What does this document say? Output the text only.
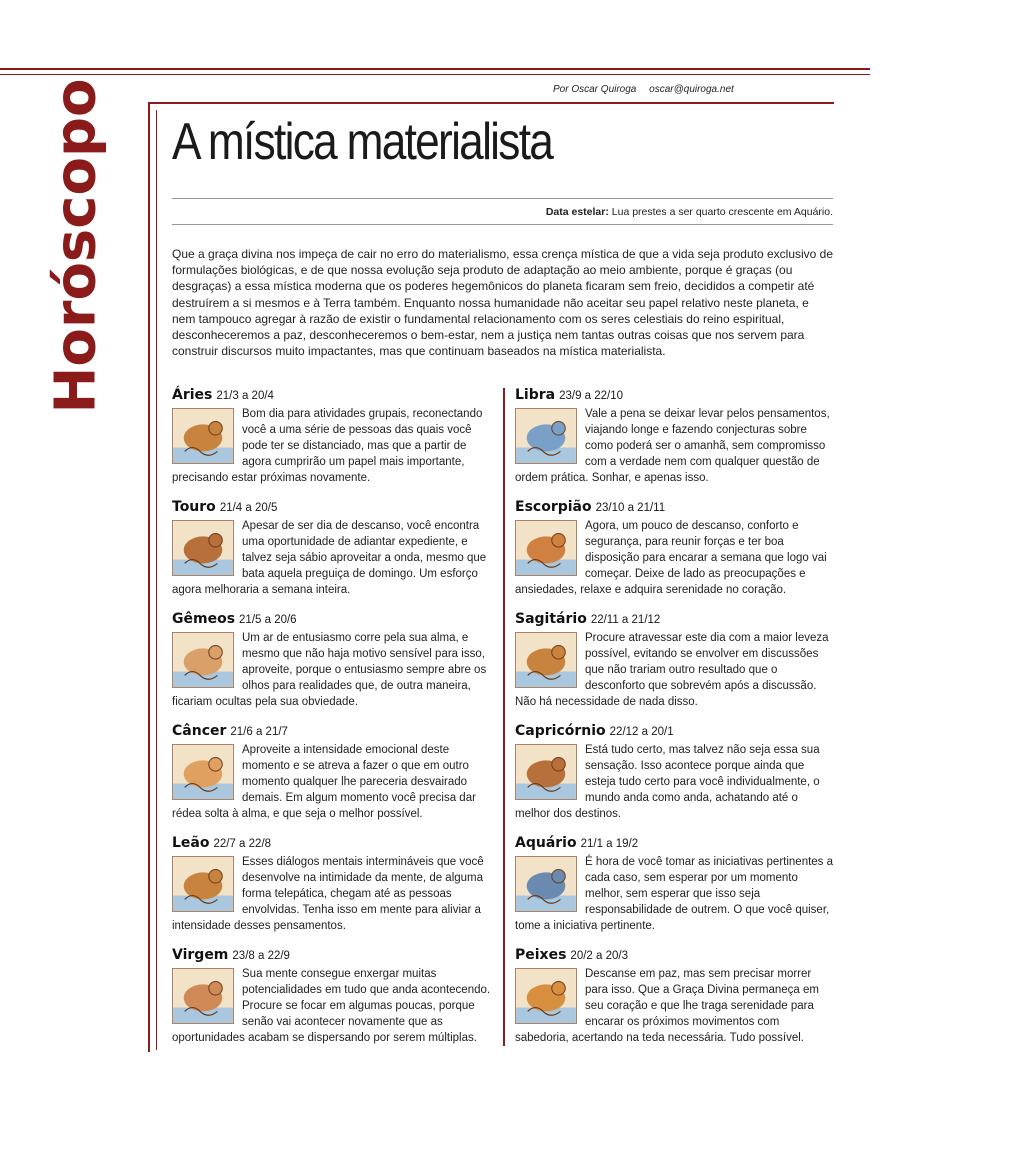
Horóscopo	Por Oscar Quiroga oscar@quiroga.net
A mística materialista
Data estelar: Lua prestes a ser quarto crescente em Aquário.
Que a graça divina nos impeça de cair no erro do materialismo, essa crença mística de que a vida seja produto exclusivo de formulações biológicas, e de que nossa evolução seja produto de adaptação ao meio ambiente, porque é graças (ou desgraças) a essa mística moderna que os poderes hegemônicos do planeta ficaram sem freio, decididos a competir até destruírem a si mesmos e à Terra também. Enquanto nossa humanidade não aceitar seu papel relativo neste planeta, e nem tampouco agregar à razão de existir o fundamental relacionamento com os seres celestiais do reino espiritual, desconheceremos a paz, desconheceremos o bem-estar, nem a justiça nem tantas outras coisas que nos servem para construir discursos muito impactantes, mas que continuam baseados na mística materialista.
Áries 21/3 a 20/4
Bom dia para atividades grupais, reconectando você a uma série de pessoas das quais você pode ter se distanciado, mas que a partir de agora cumprirão um papel mais importante, precisando estar próximas novamente.
Touro 21/4 a 20/5
Apesar de ser dia de descanso, você encontra uma oportunidade de adiantar expediente, e talvez seja sábio aproveitar a onda, mesmo que bata aquela preguiça de domingo. Um esforço agora melhoraria a semana inteira.
Gêmeos 21/5 a 20/6
Um ar de entusiasmo corre pela sua alma, e mesmo que não haja motivo sensível para isso, aproveite, porque o entusiasmo sempre abre os olhos para realidades que, de outra maneira, ficariam ocultas pela sua obviedade.
Câncer 21/6 a 21/7
Aproveite a intensidade emocional deste momento e se atreva a fazer o que em outro momento qualquer lhe pareceria desvairado demais. Em algum momento você precisa dar rédea solta à alma, e que seja o melhor possível.
Leão 22/7 a 22/8
Esses diálogos mentais intermináveis que você desenvolve na intimidade da mente, de alguma forma telepática, chegam até as pessoas envolvidas. Tenha isso em mente para aliviar a intensidade desses pensamentos.
Virgem 23/8 a 22/9
Sua mente consegue enxergar muitas potencialidades em tudo que anda acontecendo. Procure se focar em algumas poucas, porque senão vai acontecer novamente que as oportunidades acabam se dispersando por serem múltiplas.
Libra 23/9 a 22/10
Vale a pena se deixar levar pelos pensamentos, viajando longe e fazendo conjecturas sobre como poderá ser o amanhã, sem compromisso com a verdade nem com qualquer questão de ordem prática. Sonhar, e apenas isso.
Escorpião 23/10 a 21/11
Agora, um pouco de descanso, conforto e segurança, para reunir forças e ter boa disposição para encarar a semana que logo vai começar. Deixe de lado as preocupações e ansiedades, relaxe e adquira serenidade no coração.
Sagitário 22/11 a 21/12
Procure atravessar este dia com a maior leveza possível, evitando se envolver em discussões que não trariam outro resultado que o desconforto que sobrevém após a discussão. Não há necessidade de nada disso.
Capricórnio 22/12 a 20/1
Está tudo certo, mas talvez não seja essa sua sensação. Isso acontece porque ainda que esteja tudo certo para você individualmente, o mundo anda como anda, achatando até o melhor dos destinos.
Aquário 21/1 a 19/2
É hora de você tomar as iniciativas pertinentes a cada caso, sem esperar por um momento melhor, sem esperar que isso seja responsabilidade de outrem. O que você quiser, tome a iniciativa pertinente.
Peixes 20/2 a 20/3
Descanse em paz, mas sem precisar morrer para isso. Que a Graça Divina permaneça em seu coração e que lhe traga serenidade para encarar os próximos movimentos com sabedoria, acertando na teda necessária. Tudo possível.
